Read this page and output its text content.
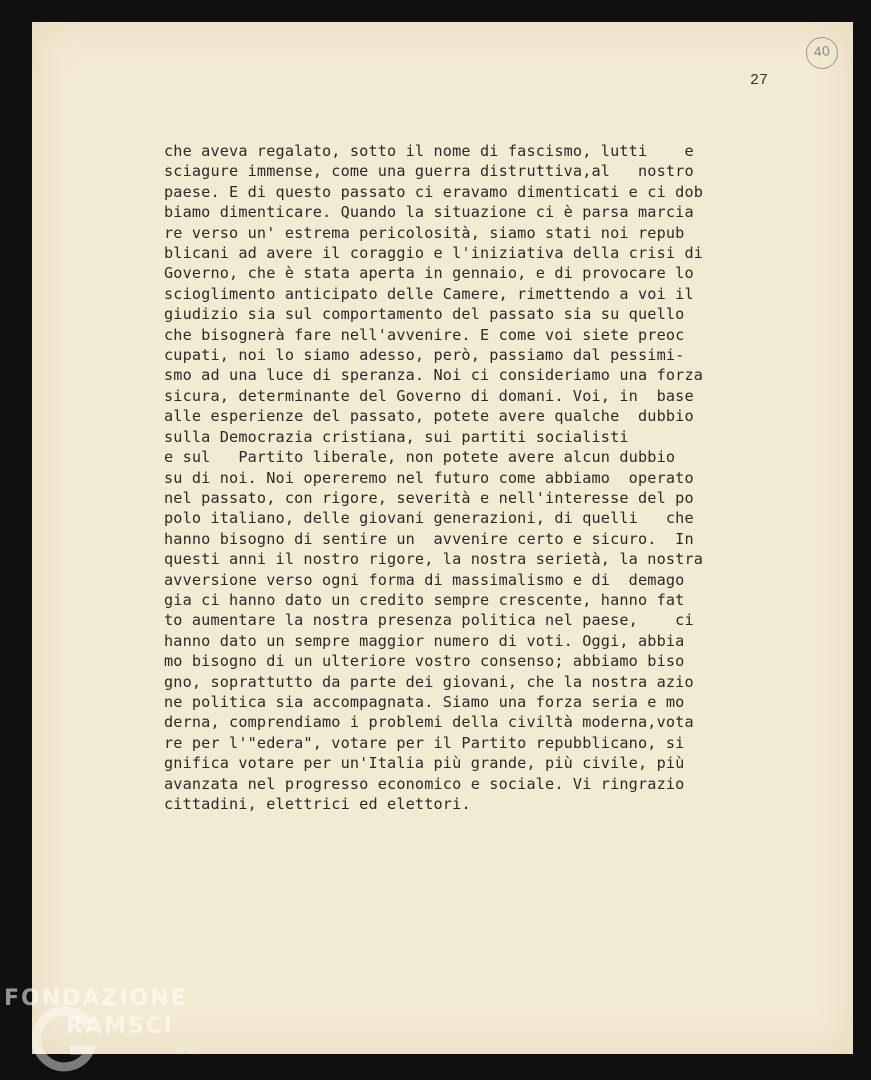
40
27
che aveva regalato, sotto il nome di fascismo, lutti    e
sciagure immense, come una guerra distruttiva,al   nostro
paese. E di questo passato ci eravamo dimenticati e ci dob
biamo dimenticare. Quando la situazione ci è parsa marcia
re verso un' estrema pericolosità, siamo stati noi repub
blicani ad avere il coraggio e l'iniziativa della crisi di
Governo, che è stata aperta in gennaio, e di provocare lo
scioglimento anticipato delle Camere, rimettendo a voi il
giudizio sia sul comportamento del passato sia su quello
che bisognerà fare nell'avvenire. E come voi siete preoc
cupati, noi lo siamo adesso, però, passiamo dal pessimi-
smo ad una luce di speranza. Noi ci consideriamo una forza
sicura, determinante del Governo di domani. Voi, in  base
alle esperienze del passato, potete avere qualche  dubbio
sulla Democrazia cristiana, sui partiti socialisti
e sul   Partito liberale, non potete avere alcun dubbio
su di noi. Noi opereremo nel futuro come abbiamo  operato
nel passato, con rigore, severità e nell'interesse del po
polo italiano, delle giovani generazioni, di quelli   che
hanno bisogno di sentire un  avvenire certo e sicuro.  In
questi anni il nostro rigore, la nostra serietà, la nostra
avversione verso ogni forma di massimalismo e di  demago
gia ci hanno dato un credito sempre crescente, hanno fat
to aumentare la nostra presenza politica nel paese,    ci
hanno dato un sempre maggior numero di voti. Oggi, abbia
mo bisogno di un ulteriore vostro consenso; abbiamo biso
gno, soprattutto da parte dei giovani, che la nostra azio
ne politica sia accompagnata. Siamo una forza seria e mo
derna, comprendiamo i problemi della civiltà moderna,vota
re per l'"edera", votare per il Partito repubblicano, si
gnifica votare per un'Italia più grande, più civile, più
avanzata nel progresso economico e sociale. Vi ringrazio
cittadini, elettrici ed elettori.
FONDAZIONE
RAMSCI
onlus
